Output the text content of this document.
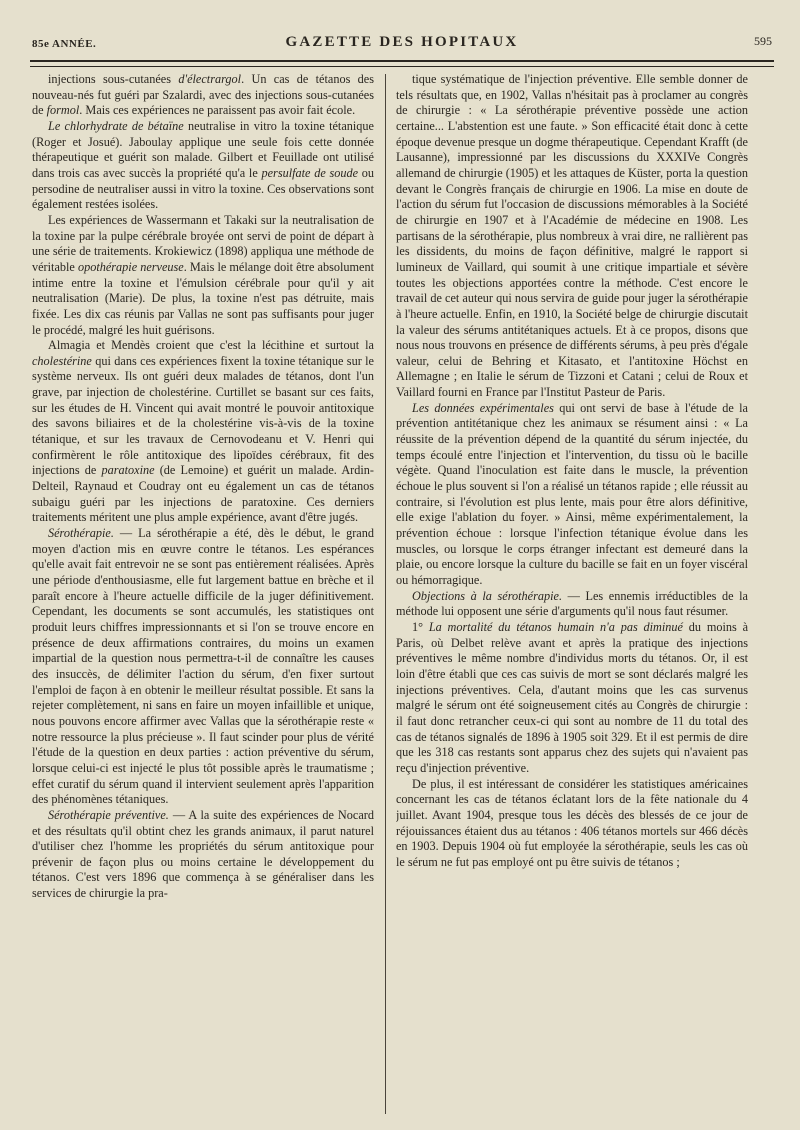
85e ANNÉE.	GAZETTE DES HOPITAUX	595

injections sous-cutanées d'électrargol. Un cas de tétanos des nouveau-nés fut guéri par Szalardi, avec des injections sous-cutanées de formol. Mais ces expériences ne paraissent pas avoir fait école.

Le chlorhydrate de bétaïne neutralise in vitro la toxine tétanique (Roger et Josué). Jaboulay applique une seule fois cette donnée thérapeutique et guérit son malade. Gilbert et Feuillade ont utilisé dans trois cas avec succès la propriété qu'a le persulfate de soude ou persodine de neutraliser aussi in vitro la toxine. Ces observations sont également restées isolées.

Les expériences de Wassermann et Takaki sur la neutralisation de la toxine par la pulpe cérébrale broyée ont servi de point de départ à une série de traitements. Krokiewicz (1898) appliqua une méthode de véritable opothérapie nerveuse. Mais le mélange doit être absolument intime entre la toxine et l'émulsion cérébrale pour qu'il y ait neutralisation (Marie). De plus, la toxine n'est pas détruite, mais fixée. Les dix cas réunis par Vallas ne sont pas suffisants pour juger le procédé, malgré les huit guérisons.

Almagia et Mendès croient que c'est la lécithine et surtout la cholestérine qui dans ces expériences fixent la toxine tétanique sur le système nerveux. Ils ont guéri deux malades de tétanos, dont l'un grave, par injection de cholestérine. Curtillet se basant sur ces faits, sur les études de H. Vincent qui avait montré le pouvoir antitoxique des savons biliaires et de la cholestérine vis-à-vis de la toxine tétanique, et sur les travaux de Cernovodeanu et V. Henri qui confirmèrent le rôle antitoxique des lipoïdes cérébraux, fit des injections de paratoxine (de Lemoine) et guérit un malade. Ardin-Delteil, Raynaud et Coudray ont eu également un cas de tétanos subaigu guéri par les injections de paratoxine. Ces derniers traitements méritent une plus ample expérience, avant d'être jugés.

Sérothérapie. — La sérothérapie a été, dès le début, le grand moyen d'action mis en œuvre contre le tétanos. Les espérances qu'elle avait fait entrevoir ne se sont pas entièrement réalisées. Après une période d'enthousiasme, elle fut largement battue en brèche et il paraît encore à l'heure actuelle difficile de la juger définitivement. Cependant, les documents se sont accumulés, les statistiques ont produit leurs chiffres impressionnants et si l'on se trouve encore en présence de deux affirmations contraires, du moins un examen impartial de la question nous permettra-t-il de connaître les causes des insuccès, de délimiter l'action du sérum, d'en fixer surtout l'emploi de façon à en obtenir le meilleur résultat possible. Et sans la rejeter complètement, ni sans en faire un moyen infaillible et unique, nous pouvons encore affirmer avec Vallas que la sérothérapie reste « notre ressource la plus précieuse ». Il faut scinder pour plus de vérité l'étude de la question en deux parties : action préventive du sérum, lorsque celui-ci est injecté le plus tôt possible après le traumatisme ; effet curatif du sérum quand il intervient seulement après l'apparition des phénomènes tétaniques.

Sérothérapie préventive. — A la suite des expériences de Nocard et des résultats qu'il obtint chez les grands animaux, il parut naturel d'utiliser chez l'homme les propriétés du sérum antitoxique pour prévenir de façon plus ou moins certaine le développement du tétanos. C'est vers 1896 que commença à se généraliser dans les services de chirurgie la pra-

tique systématique de l'injection préventive. Elle semble donner de tels résultats que, en 1902, Vallas n'hésitait pas à proclamer au congrès de chirurgie : « La sérothérapie préventive possède une action certaine... L'abstention est une faute. » Son efficacité était donc à cette époque devenue presque un dogme thérapeutique. Cependant Krafft (de Lausanne), impressionné par les discussions du XXXIVe Congrès allemand de chirurgie (1905) et les attaques de Küster, porta la question devant le Congrès français de chirurgie en 1906. La mise en doute de l'action du sérum fut l'occasion de discussions mémorables à la Société de chirurgie en 1907 et à l'Académie de médecine en 1908. Les partisans de la sérothérapie, plus nombreux à vrai dire, ne rallièrent pas les dissidents, du moins de façon définitive, malgré le rapport si lumineux de Vaillard, qui soumit à une critique impartiale et sévère toutes les objections apportées contre la méthode. C'est encore le travail de cet auteur qui nous servira de guide pour juger la sérothérapie à l'heure actuelle. Enfin, en 1910, la Société belge de chirurgie discutait la valeur des sérums antitétaniques actuels. Et à ce propos, disons que nous nous trouvons en présence de différents sérums, à peu près d'égale valeur, celui de Behring et Kitasato, et l'antitoxine Höchst en Allemagne ; en Italie le sérum de Tizzoni et Catani ; celui de Roux et Vaillard fourni en France par l'Institut Pasteur de Paris.

Les données expérimentales qui ont servi de base à l'étude de la prévention antitétanique chez les animaux se résument ainsi : « La réussite de la prévention dépend de la quantité du sérum injectée, du temps écoulé entre l'injection et l'intervention, du tissu où le bacille végète. Quand l'inoculation est faite dans le muscle, la prévention échoue le plus souvent si l'on a réalisé un tétanos rapide ; elle réussit au contraire, si l'évolution est plus lente, mais pour être alors définitive, elle exige l'ablation du foyer. » Ainsi, même expérimentalement, la prévention échoue : lorsque l'infection tétanique évolue dans les muscles, ou lorsque le corps étranger infectant est demeuré dans la plaie, ou encore lorsque la culture du bacille se fait en un foyer viscéral ou hémorragique.

Objections à la sérothérapie. — Les ennemis irréductibles de la méthode lui opposent une série d'arguments qu'il nous faut résumer.

1° La mortalité du tétanos humain n'a pas diminué du moins à Paris, où Delbet relève avant et après la pratique des injections préventives le même nombre d'individus morts du tétanos. Or, il est loin d'être établi que ces cas suivis de mort se sont déclarés malgré les injections préventives. Cela, d'autant moins que les cas survenus malgré le sérum ont été soigneusement cités au Congrès de chirurgie : il faut donc retrancher ceux-ci qui sont au nombre de 11 du total des cas de tétanos signalés de 1896 à 1905 soit 329. Et il est permis de dire que les 318 cas restants sont apparus chez des sujets qui n'avaient pas reçu d'injection préventive.

De plus, il est intéressant de considérer les statistiques américaines concernant les cas de tétanos éclatant lors de la fête nationale du 4 juillet. Avant 1904, presque tous les décès des blessés de ce jour de réjouissances étaient dus au tétanos : 406 tétanos mortels sur 466 décès en 1903. Depuis 1904 où fut employée la sérothérapie, seuls les cas où le sérum ne fut pas employé ont pu être suivis de tétanos ;
